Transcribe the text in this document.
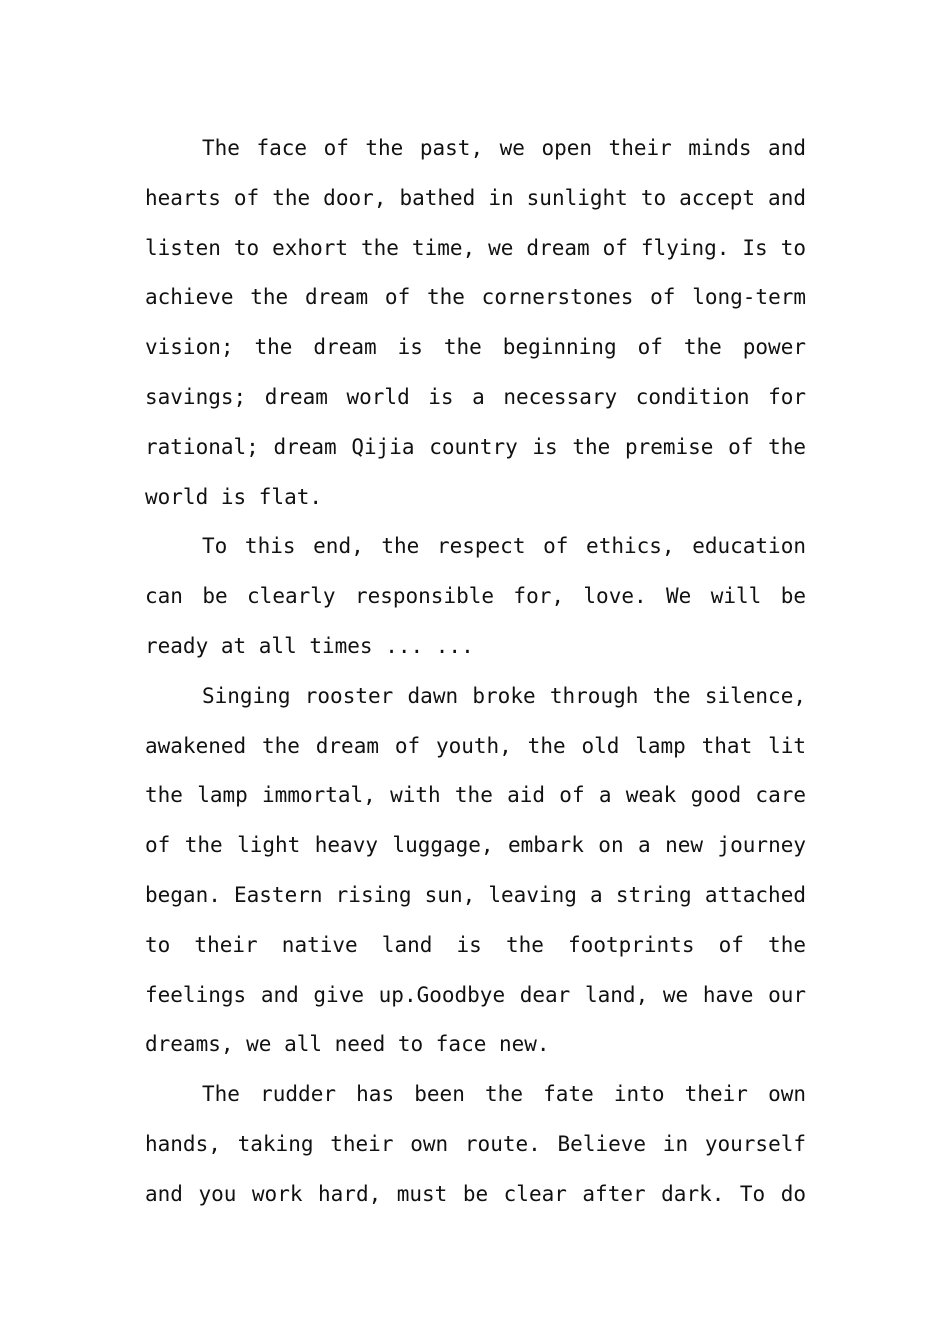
The face of the past, we open their minds and hearts of the door, bathed in sunlight to accept and listen to exhort the time, we dream of flying. Is to achieve the dream of the cornerstones of long-term vision; the dream is the beginning of the power savings; dream world is a necessary condition for rational; dream Qijia country is the premise of the world is flat.

To this end, the respect of ethics, education can be clearly responsible for, love. We will be ready at all times ... ...

Singing rooster dawn broke through the silence, awakened the dream of youth, the old lamp that lit the lamp immortal, with the aid of a weak good care of the light heavy luggage, embark on a new journey began. Eastern rising sun, leaving a string attached to their native land is the footprints of the feelings and give up.Goodbye dear land, we have our dreams, we all need to face new.

The rudder has been the fate into their own hands, taking their own route. Believe in yourself and you work hard, must be clear after dark. To do
